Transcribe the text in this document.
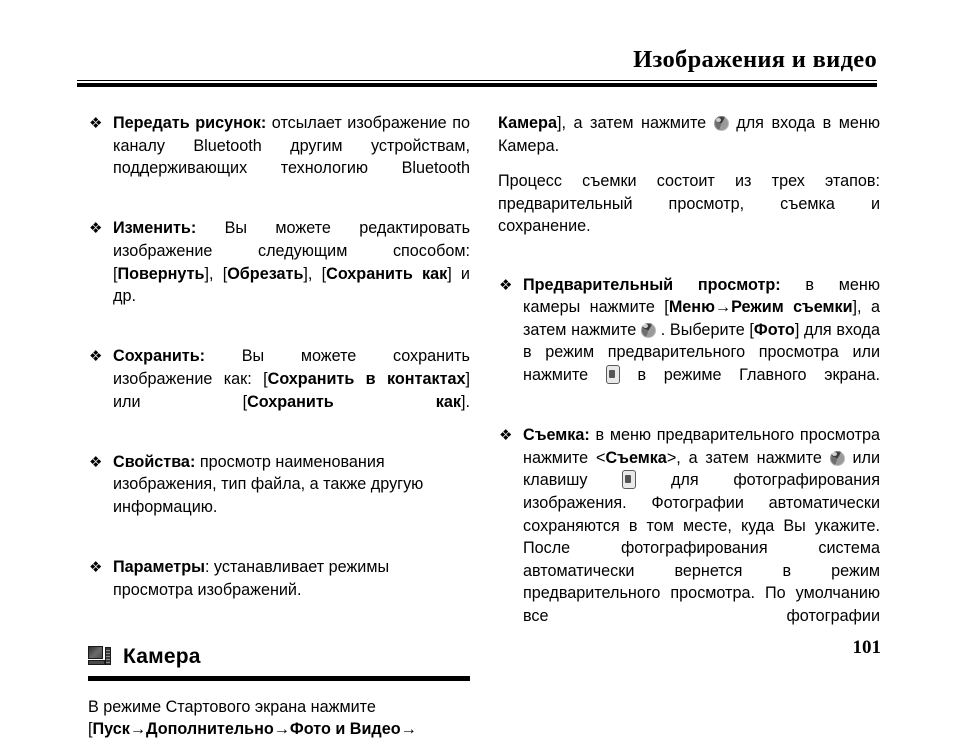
Изображения и видео
❖ Передать рисунок: отсылает изображение по каналу Bluetooth другим устройствам, поддерживающих технологию Bluetooth
❖ Изменить: Вы можете редактировать изображение следующим способом: [Повернуть], [Обрезать], [Сохранить как] и др.
❖ Сохранить: Вы можете сохранить изображение как: [Сохранить в контактах] или [Сохранить как].
❖ Свойства: просмотр наименования изображения, тип файла, а также другую информацию.
❖ Параметры: устанавливает режимы просмотра изображений.
Камера
В режиме Стартового экрана нажмите [Пуск→Дополнительно→Фото и Видео→
Камера], а затем нажмите  для входа в меню Камера.
Процесс съемки состоит из трех этапов: предварительный просмотр, съемка и сохранение.
❖ Предварительный просмотр: в меню камеры нажмите [Меню→Режим съемки], а затем нажмите  . Выберите [Фото] для входа в режим предварительного просмотра или нажмите  в режиме Главного экрана.
❖ Съемка: в меню предварительного просмотра нажмите <Съемка>, а затем нажмите  или клавишу  для фотографирования изображения. Фотографии автоматически сохраняются в том месте, куда Вы укажите. После фотографирования система автоматически вернется в режим предварительного просмотра. По умолчанию все фотографии
101
